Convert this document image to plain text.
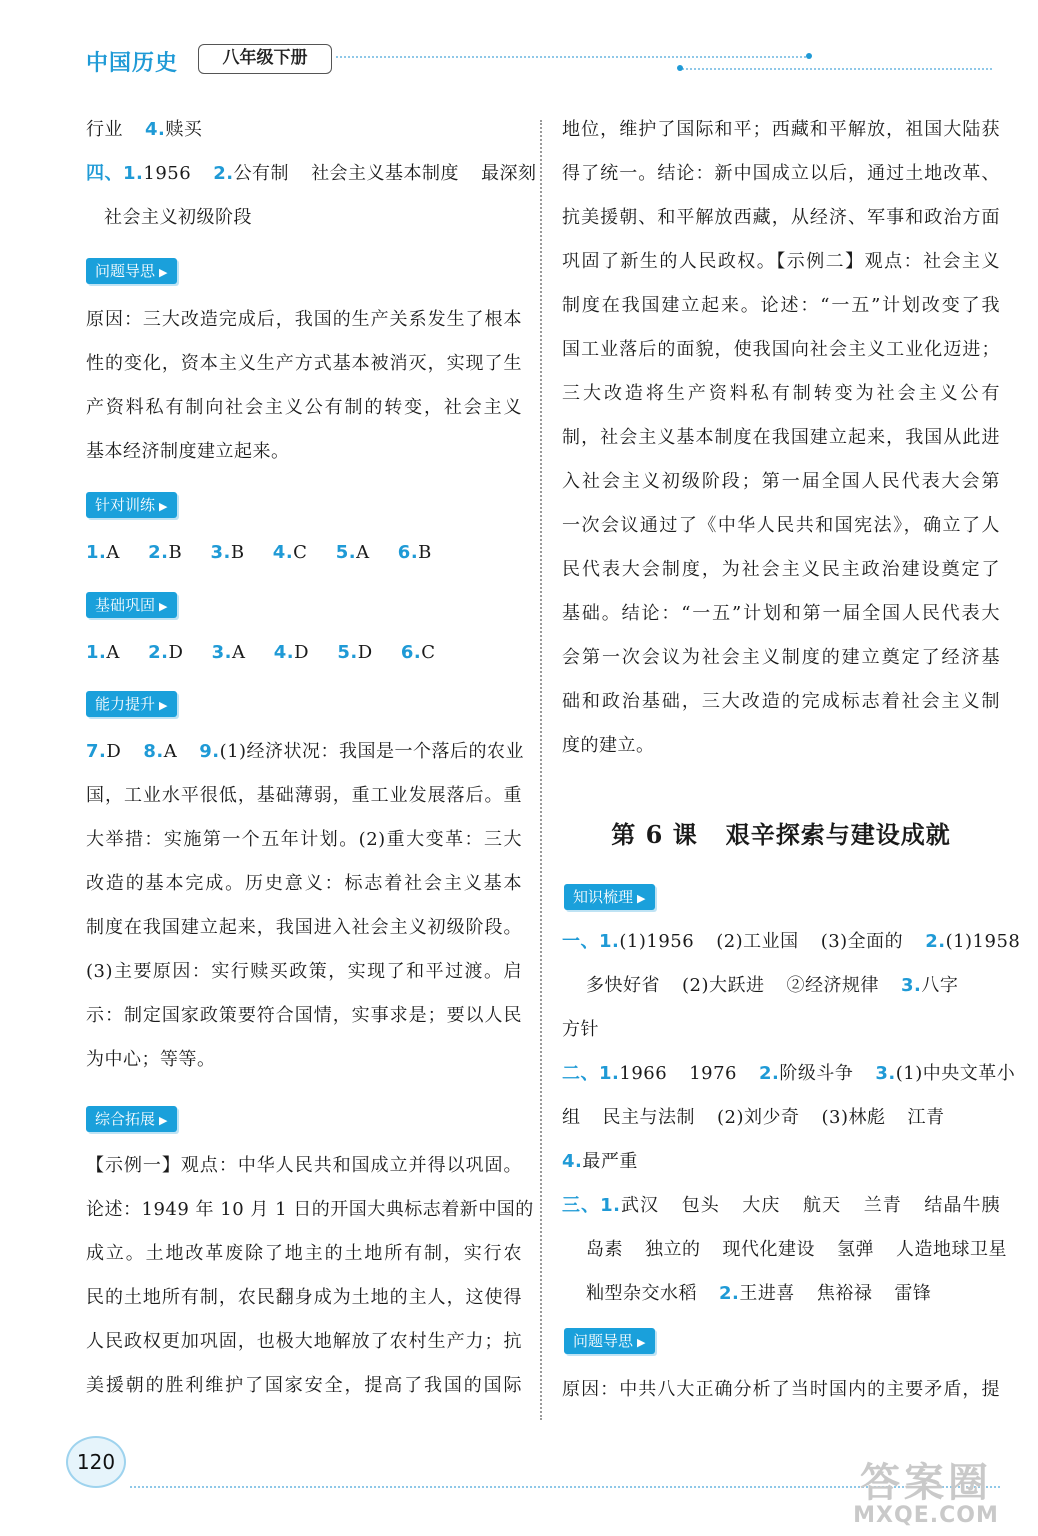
中国历史	八年级下册
行业 4.赎买
四、1.1956 2.公有制 社会主义基本制度 最深刻
社会主义初级阶段
问题导思 ▶
原因：三大改造完成后，我国的生产关系发生了根本
性的变化，资本主义生产方式基本被消灭，实现了生
产资料私有制向社会主义公有制的转变，社会主义
基本经济制度建立起来。
针对训练 ▶
1.A 2.B 3.B 4.C 5.A 6.B
基础巩固 ▶
1.A 2.D 3.A 4.D 5.D 6.C
能力提升 ▶
7.D 8.A 9.(1)经济状况：我国是一个落后的农业
国，工业水平很低，基础薄弱，重工业发展落后。重
大举措：实施第一个五年计划。(2)重大变革：三大
改造的基本完成。历史意义：标志着社会主义基本
制度在我国建立起来，我国进入社会主义初级阶段。
(3)主要原因：实行赎买政策，实现了和平过渡。启
示：制定国家政策要符合国情，实事求是；要以人民
为中心；等等。
综合拓展 ▶
【示例一】观点：中华人民共和国成立并得以巩固。
论述：1949 年 10 月 1 日的开国大典标志着新中国的
成立。土地改革废除了地主的土地所有制，实行农
民的土地所有制，农民翻身成为土地的主人，这使得
人民政权更加巩固，也极大地解放了农村生产力；抗
美援朝的胜利维护了国家安全，提高了我国的国际
地位，维护了国际和平；西藏和平解放，祖国大陆获
得了统一。结论：新中国成立以后，通过土地改革、
抗美援朝、和平解放西藏，从经济、军事和政治方面
巩固了新生的人民政权。【示例二】观点：社会主义
制度在我国建立起来。论述：“一五”计划改变了我
国工业落后的面貌，使我国向社会主义工业化迈进；
三大改造将生产资料私有制转变为社会主义公有
制，社会主义基本制度在我国建立起来，我国从此进
入社会主义初级阶段；第一届全国人民代表大会第
一次会议通过了《中华人民共和国宪法》，确立了人
民代表大会制度，为社会主义民主政治建设奠定了
基础。结论：“一五”计划和第一届全国人民代表大
会第一次会议为社会主义制度的建立奠定了经济基
础和政治基础，三大改造的完成标志着社会主义制
度的建立。
第 6 课 艰辛探索与建设成就
知识梳理 ▶
一、1.(1)1956 (2)工业国 (3)全面的 2.(1)1958
多快好省 (2)大跃进 ②经济规律 3.八字
方针
二、1.1966 1976 2.阶级斗争 3.(1)中央文革小
组 民主与法制 (2)刘少奇 (3)林彪 江青
4.最严重
三、1.武汉 包头 大庆 航天 兰青 结晶牛胰
岛素 独立的 现代化建设 氢弹 人造地球卫星
籼型杂交水稻 2.王进喜 焦裕禄 雷锋
问题导思 ▶
原因：中共八大正确分析了当时国内的主要矛盾，提
120	答案圈
MXQE.COM
